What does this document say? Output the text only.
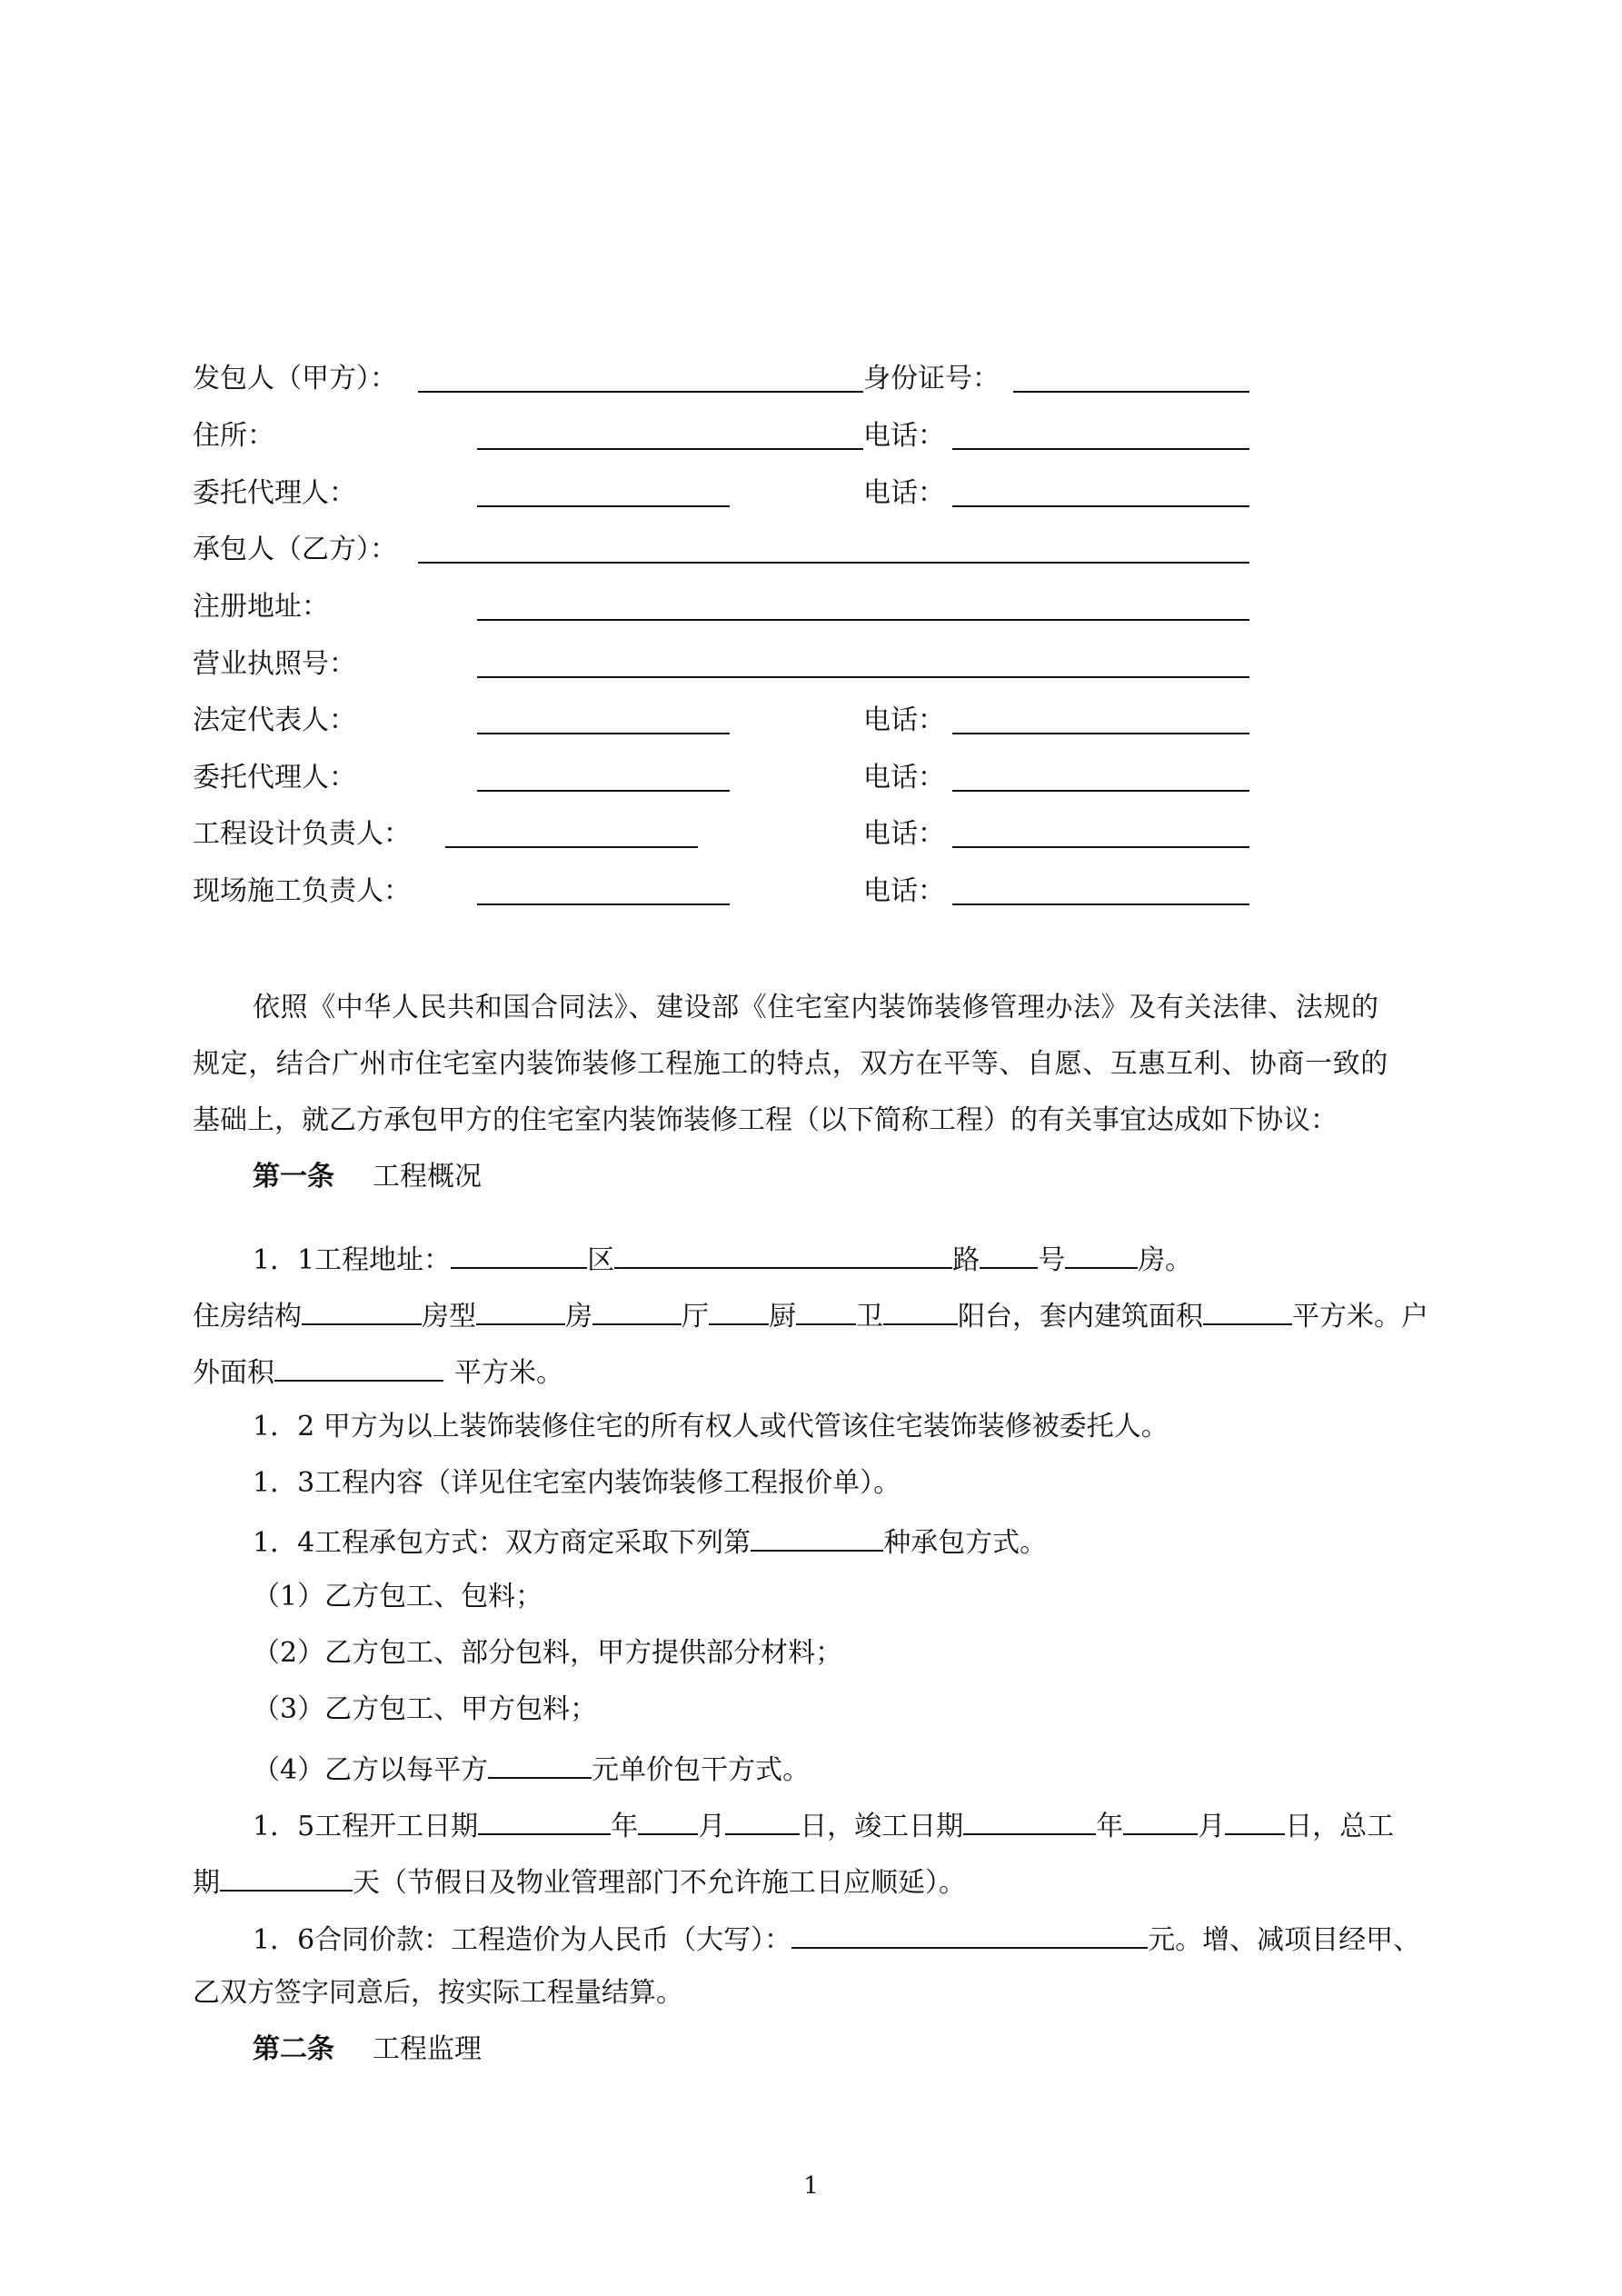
发包人（甲方）：	身份证号：
住所：	电话：
委托代理人：	电话：
承包人（乙方）：
注册地址：
营业执照号：
法定代表人：	电话：
委托代理人：	电话：
工程设计负责人：	电话：
现场施工负责人：	电话：
依照《中华人民共和国合同法》、建设部《住宅室内装饰装修管理办法》及有关法律、法规的
规定，结合广州市住宅室内装饰装修工程施工的特点，双方在平等、自愿、互惠互利、协商一致的
基础上，就乙方承包甲方的住宅室内装饰装修工程（以下简称工程）的有关事宜达成如下协议：
第一条 工程概况
1．1工程地址：	区	路 号	房。
住房结构	房型	房	厅 厨 卫	阳台，套内建筑面积	平方米。户
外面积	平方米。
1．2 甲方为以上装饰装修住宅的所有权人或代管该住宅装饰装修被委托人。
1．3工程内容（详见住宅室内装饰装修工程报价单）。
1．4工程承包方式：双方商定采取下列第	种承包方式。
（1）乙方包工、包料；
（2）乙方包工、部分包料，甲方提供部分材料；
（3）乙方包工、甲方包料；
（4）乙方以每平方	元单价包干方式。
1．5工程开工日期	年 月	日，竣工日期	年	月 日，总工
期	天（节假日及物业管理部门不允许施工日应顺延）。
1．6合同价款：工程造价为人民币（大写）：	元。增、减项目经甲、
乙双方签字同意后，按实际工程量结算。
第二条 工程监理
1
